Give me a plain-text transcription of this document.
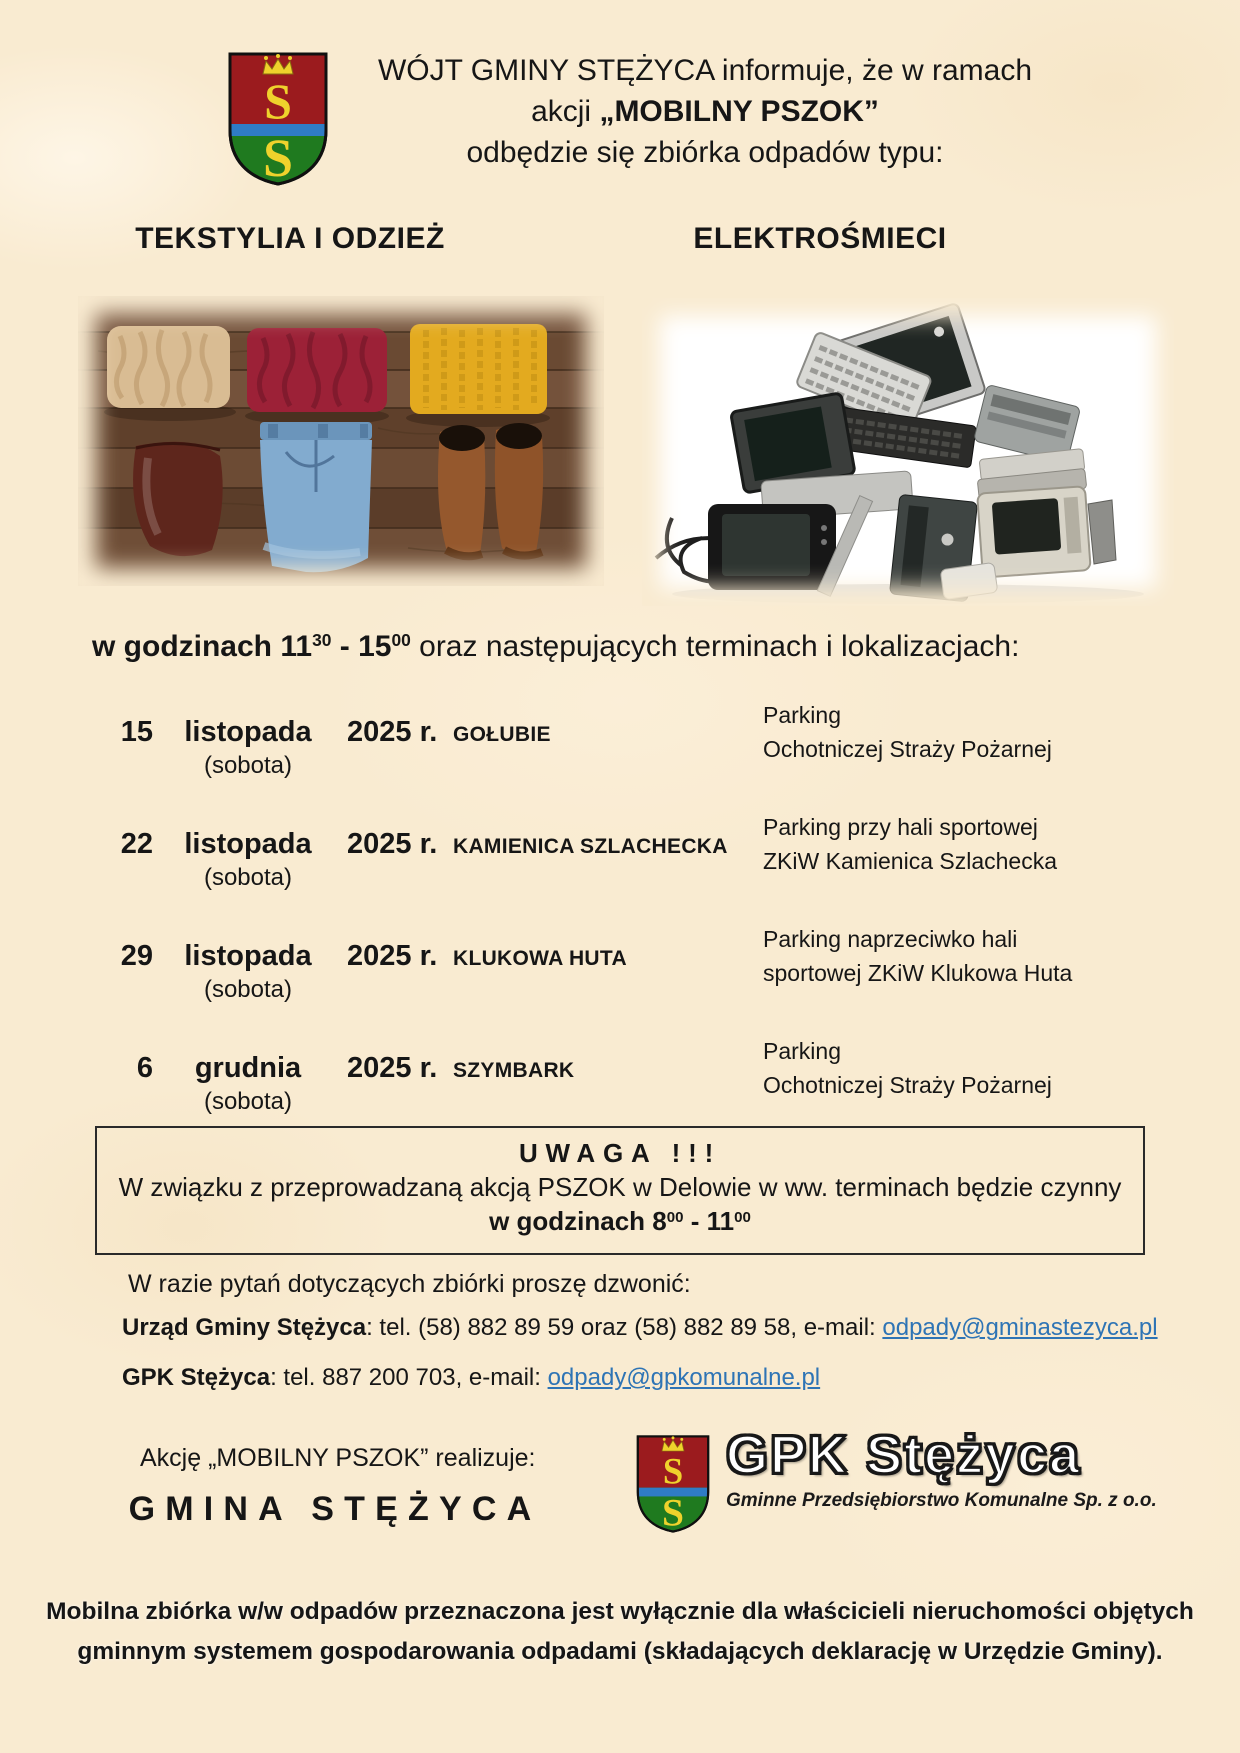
S
S
WÓJT GMINY STĘŻYCA informuje, że w ramach
akcji „MOBILNY PSZOK”
odbędzie się zbiórka odpadów typu:
TEKSTYLIA I ODZIEŻ	ELEKTROŚMIECI
w godzinach $11^{30} - 15^{00}$ oraz następujących terminach i lokalizacjach:
15	listopada
(sobota)
2025 r. GOŁUBIE
Parking
Ochotniczej Straży Pożarnej
22	listopada
(sobota)
2025 r. KAMIENICA SZLACHECKA
Parking przy hali sportowej
ZKiW Kamienica Szlachecka
29	listopada
(sobota)
2025 r. KLUKOWA HUTA
Parking naprzeciwko hali
sportowej ZKiW Klukowa Huta
6	grudnia
(sobota)
2025 r. SZYMBARK
Parking
Ochotniczej Straży Pożarnej
UWAGA !!!
W związku z przeprowadzaną akcją PSZOK w Delowie w ww. terminach będzie czynny
w godzinach $8^{00} - 11^{00}$
W razie pytań dotyczących zbiórki proszę dzwonić:
Urząd Gminy Stężyca: tel. (58) 882 89 59 oraz (58) 882 89 58, e-mail: odpady@gminastezyca.pl
GPK Stężyca: tel. 887 200 703, e-mail: odpady@gpkomunalne.pl
Akcję „MOBILNY PSZOK” realizuje:
GMINA STĘŻYCA
S
S
GPK Stężyca
Gminne Przedsiębiorstwo Komunalne Sp. z o.o.
Mobilna zbiórka w/w odpadów przeznaczona jest wyłącznie dla właścicieli nieruchomości objętych
gminnym systemem gospodarowania odpadami (składających deklarację w Urzędzie Gminy).
